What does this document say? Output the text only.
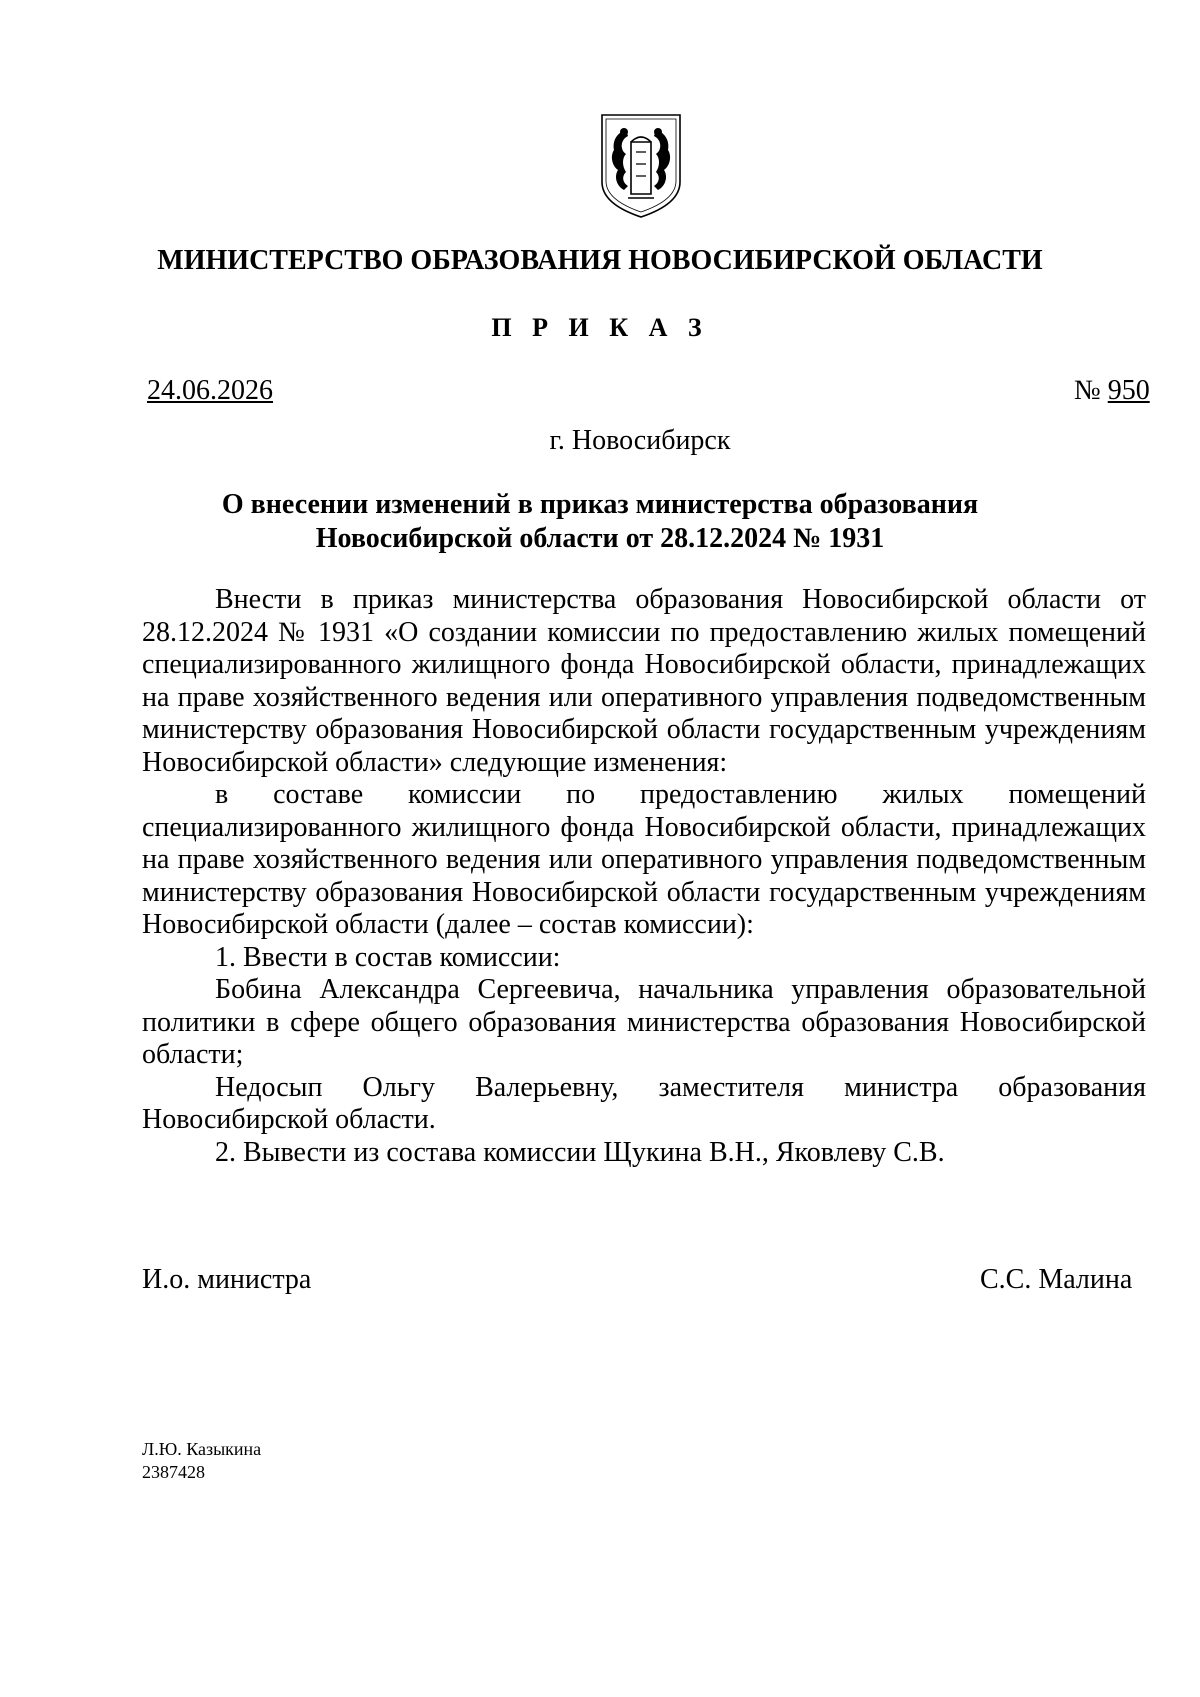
МИНИСТЕРСТВО ОБРАЗОВАНИЯ НОВОСИБИРСКОЙ ОБЛАСТИ
П Р И К А З
24.06.2026	№ 950
г. Новосибирск
О внесении изменений в приказ министерства образования
Новосибирской области от 28.12.2024 № 1931

Внести в приказ министерства образования Новосибирской области от 28.12.2024 № 1931 «О создании комиссии по предоставлению жилых помещений специализированного жилищного фонда Новосибирской области, принадлежащих на праве хозяйственного ведения или оперативного управления подведомственным министерству образования Новосибирской области государственным учреждениям Новосибирской области» следующие изменения:

в составе комиссии по предоставлению жилых помещений специализированного жилищного фонда Новосибирской области, принадлежащих на праве хозяйственного ведения или оперативного управления подведомственным министерству образования Новосибирской области государственным учреждениям Новосибирской области (далее – состав комиссии):

1. Ввести в состав комиссии:

Бобина Александра Сергеевича, начальника управления образовательной политики в сфере общего образования министерства образования Новосибирской области;

Недосып Ольгу Валерьевну, заместителя министра образования Новосибирской области.

2. Вывести из состава комиссии Щукина В.Н., Яковлеву С.В.

И.о. министра	С.С. Малина
Л.Ю. Казыкина
2387428
